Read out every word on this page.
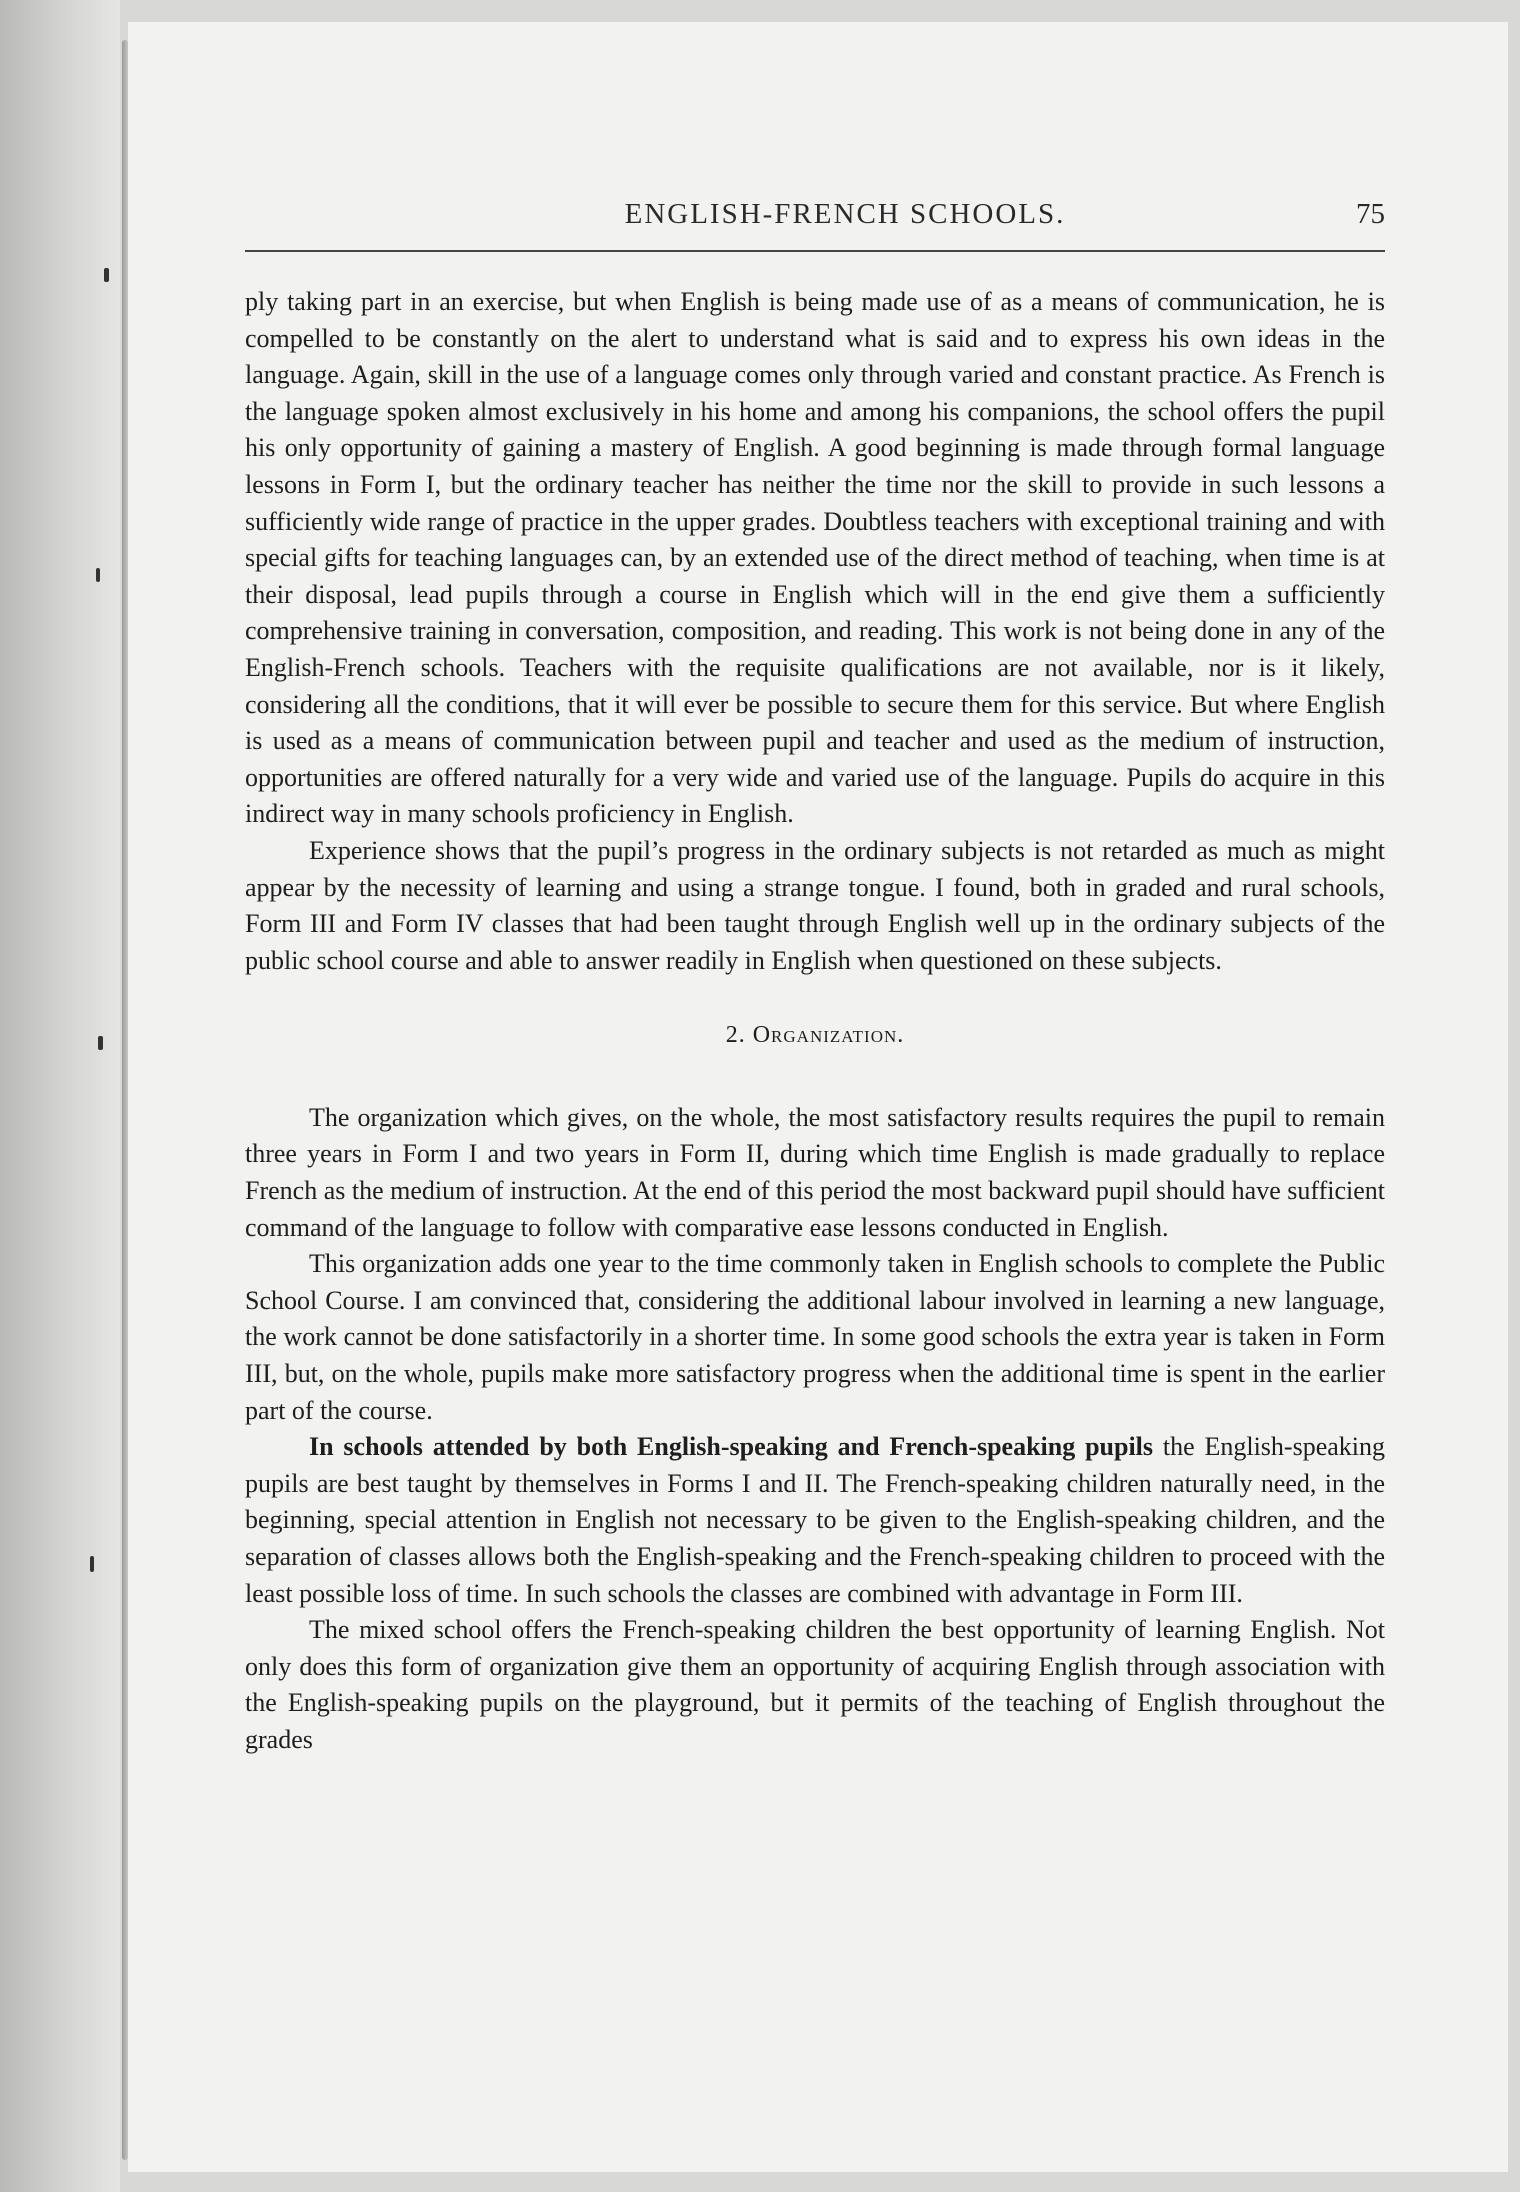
ENGLISH-FRENCH SCHOOLS.	75

ply taking part in an exercise, but when English is being made use of as a means of communication, he is compelled to be constantly on the alert to understand what is said and to express his own ideas in the language. Again, skill in the use of a language comes only through varied and constant practice. As French is the language spoken almost exclusively in his home and among his companions, the school offers the pupil his only opportunity of gaining a mastery of English. A good beginning is made through formal language lessons in Form I, but the ordinary teacher has neither the time nor the skill to provide in such lessons a sufficiently wide range of practice in the upper grades. Doubtless teachers with exceptional training and with special gifts for teaching languages can, by an extended use of the direct method of teaching, when time is at their disposal, lead pupils through a course in English which will in the end give them a sufficiently comprehensive training in conversation, composition, and reading. This work is not being done in any of the English-French schools. Teachers with the requisite qualifications are not available, nor is it likely, considering all the conditions, that it will ever be possible to secure them for this service. But where English is used as a means of communication between pupil and teacher and used as the medium of instruction, opportunities are offered naturally for a very wide and varied use of the language. Pupils do acquire in this indirect way in many schools proficiency in English.

Experience shows that the pupil’s progress in the ordinary subjects is not retarded as much as might appear by the necessity of learning and using a strange tongue. I found, both in graded and rural schools, Form III and Form IV classes that had been taught through English well up in the ordinary subjects of the public school course and able to answer readily in English when questioned on these subjects.

2. Organization.

The organization which gives, on the whole, the most satisfactory results requires the pupil to remain three years in Form I and two years in Form II, during which time English is made gradually to replace French as the medium of instruction. At the end of this period the most backward pupil should have sufficient command of the language to follow with comparative ease lessons conducted in English.

This organization adds one year to the time commonly taken in English schools to complete the Public School Course. I am convinced that, considering the additional labour involved in learning a new language, the work cannot be done satisfactorily in a shorter time. In some good schools the extra year is taken in Form III, but, on the whole, pupils make more satisfactory progress when the additional time is spent in the earlier part of the course.

In schools attended by both English-speaking and French-speaking pupils the English-speaking pupils are best taught by themselves in Forms I and II. The French-speaking children naturally need, in the beginning, special attention in English not necessary to be given to the English-speaking children, and the separation of classes allows both the English-speaking and the French-speaking children to proceed with the least possible loss of time. In such schools the classes are combined with advantage in Form III.

The mixed school offers the French-speaking children the best opportunity of learning English. Not only does this form of organization give them an opportunity of acquiring English through association with the English-speaking pupils on the playground, but it permits of the teaching of English throughout the grades
